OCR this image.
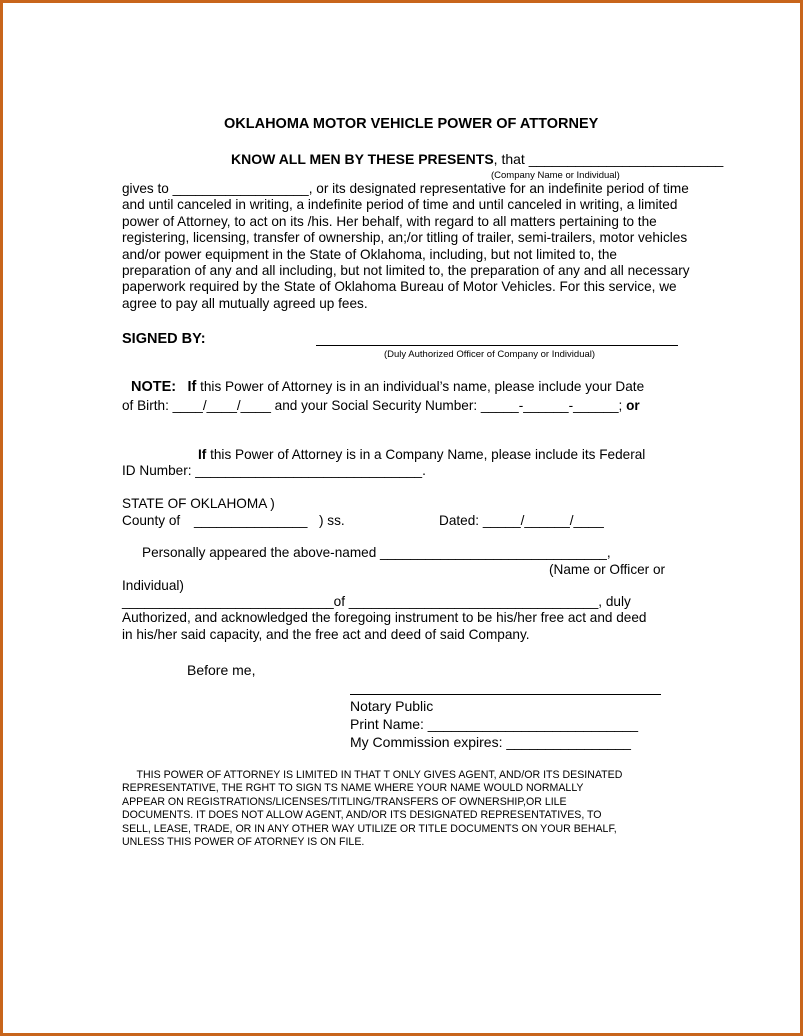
OKLAHOMA MOTOR VEHICLE POWER OF ATTORNEY
KNOW ALL MEN BY THESE PRESENTS, that _________________________
(Company Name or Individual)
gives to __________________, or its designated representative for an indefinite period of time
and until canceled in writing, a indefinite period of time and until canceled in writing, a limited
power of Attorney, to act on its /his. Her behalf, with regard to all matters pertaining to the
registering, licensing, transfer of ownership, an;/or titling of trailer, semi-trailers, motor vehicles
and/or power equipment in the State of Oklahoma, including, but not limited to, the
preparation of any and all including, but not limited to, the preparation of any and all necessary
paperwork required by the State of Oklahoma Bureau of Motor Vehicles. For this service, we
agree to pay all mutually agreed up fees.
SIGNED BY:
(Duly Authorized Officer of Company or Individual)
NOTE: If this Power of Attorney is in an individual’s name, please include your Date
of Birth: ____/____/____ and your Social Security Number: _____-______-______; or
If this Power of Attorney is in a Company Name, please include its Federal
ID Number: ______________________________.
STATE OF OKLAHOMA )
County of _______________ ) ss.	Dated: _____/______/____
Personally appeared the above-named ______________________________,
(Name or Officer or
Individual)
____________________________of _________________________________, duly
Authorized, and acknowledged the foregoing instrument to be his/her free act and deed
in his/her said capacity, and the free act and deed of said Company.
Before me,
Notary Public
Print Name: ___________________________
My Commission expires: ________________
THIS POWER OF ATTORNEY IS LIMITED IN THAT T ONLY GIVES AGENT, AND/OR ITS DESINATED
REPRESENTATIVE, THE RGHT TO SIGN TS NAME WHERE YOUR NAME WOULD NORMALLY
APPEAR ON REGISTRATIONS/LICENSES/TITLING/TRANSFERS OF OWNERSHIP,OR LILE
DOCUMENTS. IT DOES NOT ALLOW AGENT, AND/OR ITS DESIGNATED REPRESENTATIVES, TO
SELL, LEASE, TRADE, OR IN ANY OTHER WAY UTILIZE OR TITLE DOCUMENTS ON YOUR BEHALF,
UNLESS THIS POWER OF ATORNEY IS ON FILE.
